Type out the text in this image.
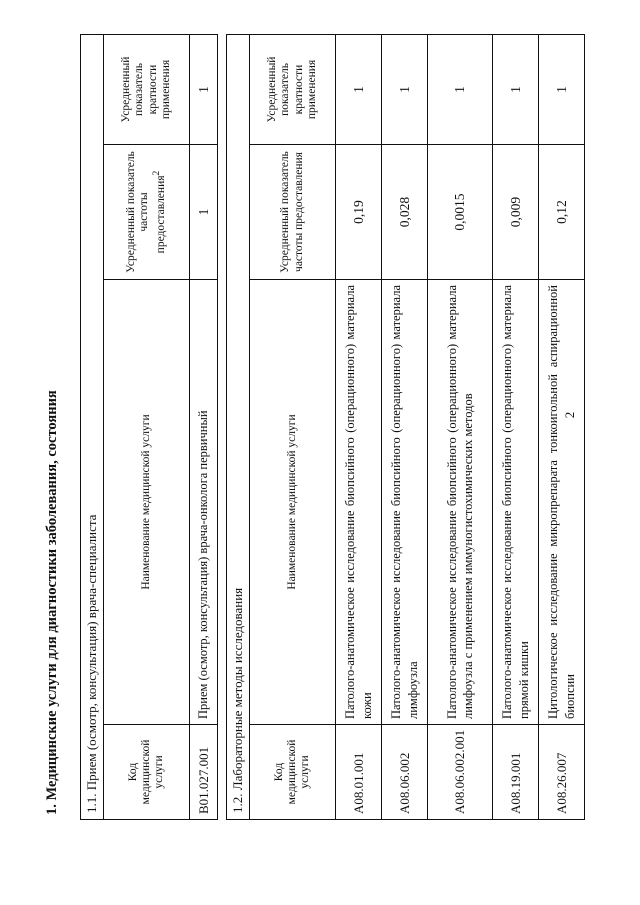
2
1. Медицинские услуги для диагностики заболевания, состояния 1.1. Прием (осмотр, консультация) врача-специалиста			
Код медицинской услуги	Наименование медицинской услуги	Усредненный показатель частоты предоставления$^2$	Усредненный показатель кратности применения
B01.027.001	Прием (осмотр, консультация) врача-онколога первичный	1	1
1.2. Лабораторные методы исследования			
Код медицинской услуги	Наименование медицинской услуги	Усредненный показатель частоты предоставления	Усредненный показатель кратности применения
A08.01.001	Патолого-анатомическое исследование биопсийного (операционного) материала кожи	0,19	1
A08.06.002	Патолого-анатомическое исследование биопсийного (операционного) материала лимфоузла	0,028	1
A08.06.002.001	Патолого-анатомическое исследование биопсийного (операционного) материала лимфоузла с применением иммуногистохимических методов	0,0015	1
A08.19.001	Патолого-анатомическое исследование биопсийного (операционного) материала прямой кишки	0,009	1
A08.26.007	Цитологическое исследование микропрепарата тонкоигольной аспирационной биопсии	0,12	1
